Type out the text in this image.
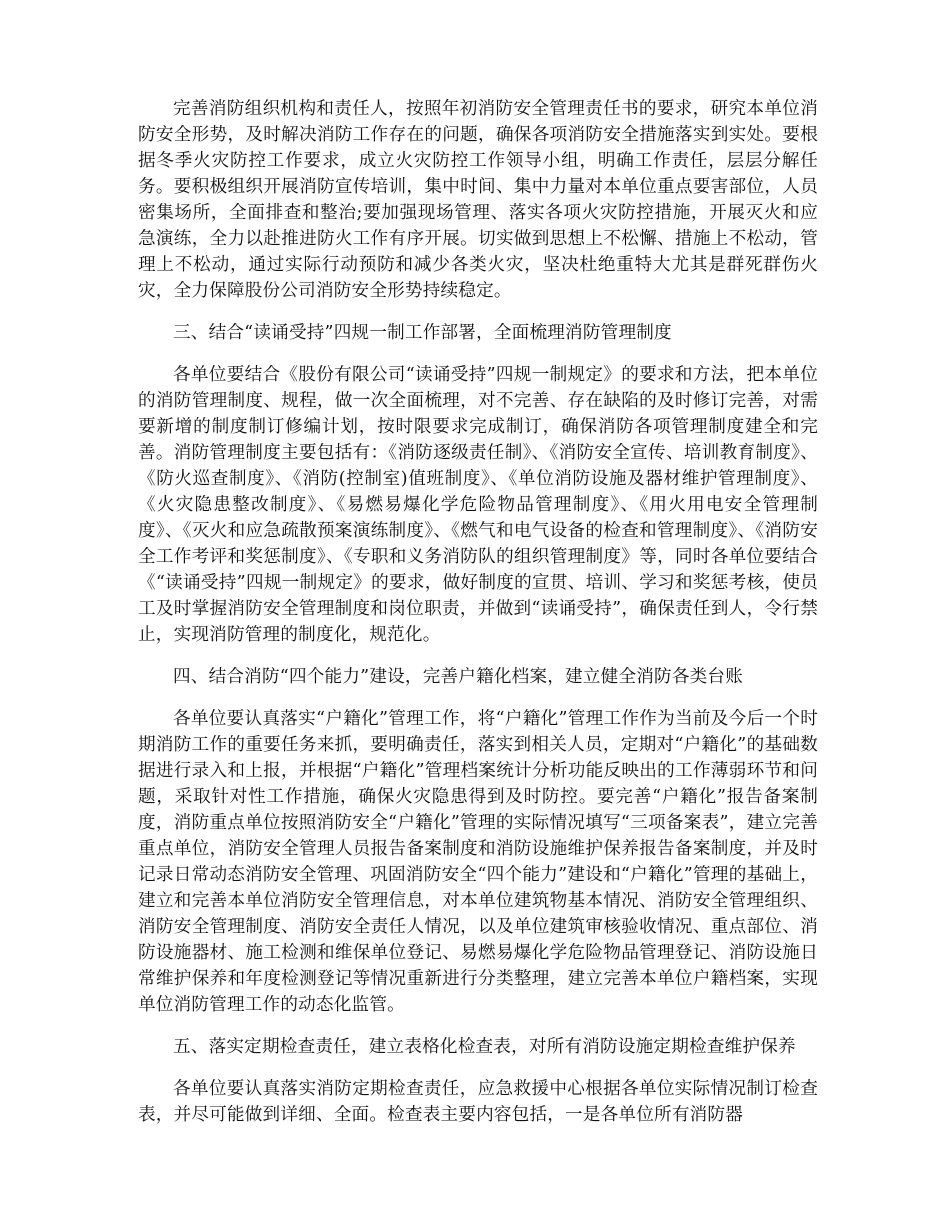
完善消防组织机构和责任人，按照年初消防安全管理责任书的要求，研究本单位消防安全形势，及时解决消防工作存在的问题，确保各项消防安全措施落实到实处。要根据冬季火灾防控工作要求，成立火灾防控工作领导小组，明确工作责任，层层分解任务。要积极组织开展消防宣传培训，集中时间、集中力量对本单位重点要害部位，人员密集场所，全面排查和整治;要加强现场管理、落实各项火灾防控措施，开展灭火和应急演练，全力以赴推进防火工作有序开展。切实做到思想上不松懈、措施上不松动，管理上不松动，通过实际行动预防和减少各类火灾，坚决杜绝重特大尤其是群死群伤火灾，全力保障股份公司消防安全形势持续稳定。

三、结合“读诵受持”四规一制工作部署，全面梳理消防管理制度

各单位要结合《股份有限公司“读诵受持”四规一制规定》的要求和方法，把本单位的消防管理制度、规程，做一次全面梳理，对不完善、存在缺陷的及时修订完善，对需要新增的制度制订修编计划，按时限要求完成制订，确保消防各项管理制度建全和完善。消防管理制度主要包括有：《消防逐级责任制》、《消防安全宣传、培训教育制度》、《防火巡查制度》、《消防(控制室)值班制度》、《单位消防设施及器材维护管理制度》、《火灾隐患整改制度》、《易燃易爆化学危险物品管理制度》、《用火用电安全管理制度》、《灭火和应急疏散预案演练制度》、《燃气和电气设备的检查和管理制度》、《消防安全工作考评和奖惩制度》、《专职和义务消防队的组织管理制度》等，同时各单位要结合《“读诵受持”四规一制规定》的要求，做好制度的宣贯、培训、学习和奖惩考核，使员工及时掌握消防安全管理制度和岗位职责，并做到“读诵受持”，确保责任到人，令行禁止，实现消防管理的制度化，规范化。

四、结合消防“四个能力”建设，完善户籍化档案，建立健全消防各类台账

各单位要认真落实“户籍化”管理工作，将“户籍化”管理工作作为当前及今后一个时期消防工作的重要任务来抓，要明确责任，落实到相关人员，定期对“户籍化”的基础数据进行录入和上报，并根据“户籍化”管理档案统计分析功能反映出的工作薄弱环节和问题，采取针对性工作措施，确保火灾隐患得到及时防控。要完善“户籍化”报告备案制度，消防重点单位按照消防安全“户籍化”管理的实际情况填写“三项备案表”，建立完善重点单位，消防安全管理人员报告备案制度和消防设施维护保养报告备案制度，并及时记录日常动态消防安全管理、巩固消防安全“四个能力”建设和“户籍化”管理的基础上，建立和完善本单位消防安全管理信息，对本单位建筑物基本情况、消防安全管理组织、消防安全管理制度、消防安全责任人情况，以及单位建筑审核验收情况、重点部位、消防设施器材、施工检测和维保单位登记、易燃易爆化学危险物品管理登记、消防设施日常维护保养和年度检测登记等情况重新进行分类整理，建立完善本单位户籍档案，实现单位消防管理工作的动态化监管。

五、落实定期检查责任，建立表格化检查表，对所有消防设施定期检查维护保养

各单位要认真落实消防定期检查责任，应急救援中心根据各单位实际情况制订检查表，并尽可能做到详细、全面。检查表主要内容包括，一是各单位所有消防器
